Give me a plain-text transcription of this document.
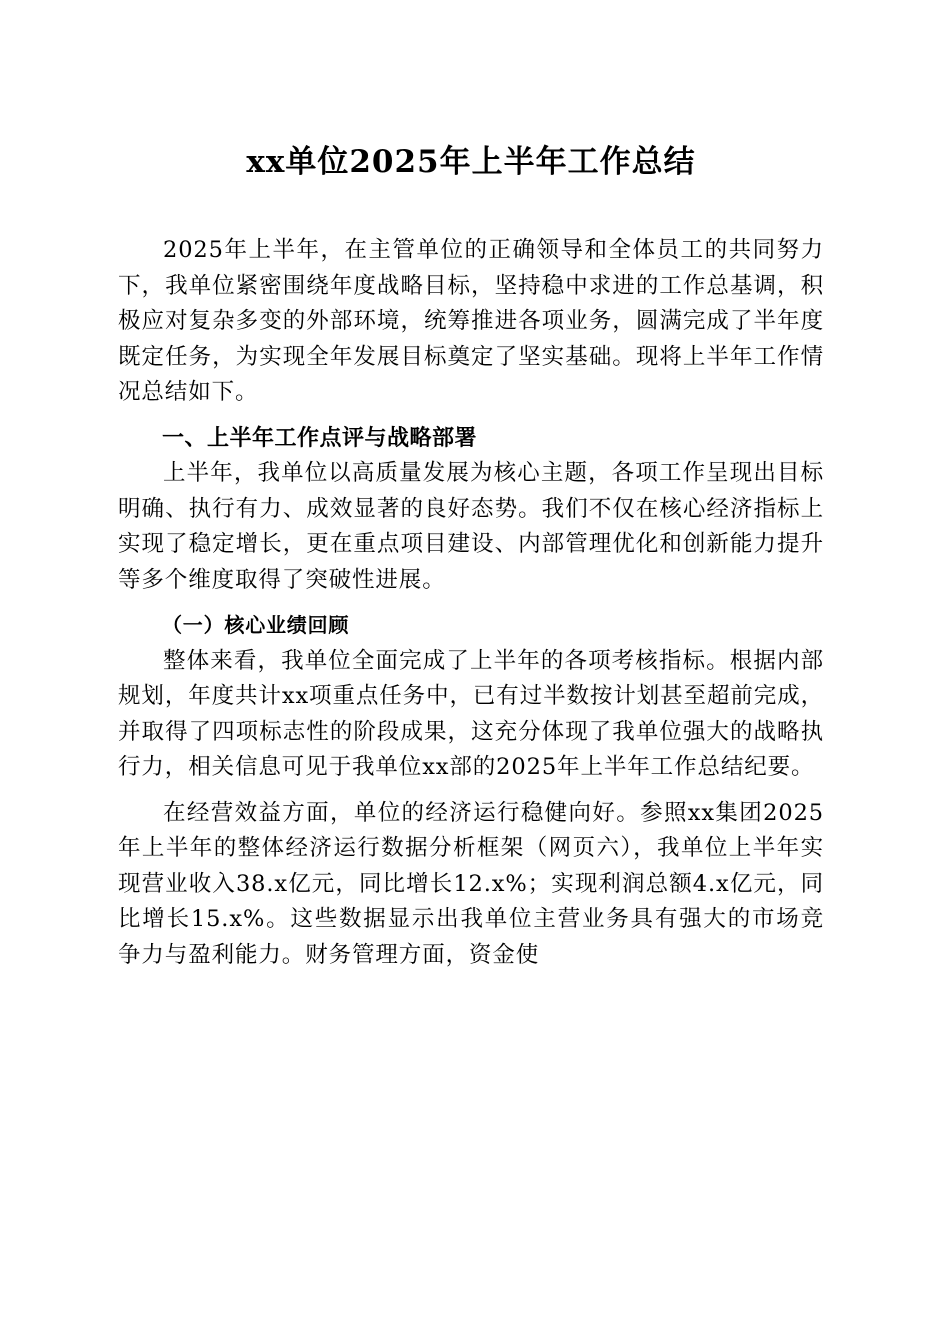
xx单位2025年上半年工作总结

2025年上半年，在主管单位的正确领导和全体员工的共同努力下，我单位紧密围绕年度战略目标，坚持稳中求进的工作总基调，积极应对复杂多变的外部环境，统筹推进各项业务，圆满完成了半年度既定任务，为实现全年发展目标奠定了坚实基础。现将上半年工作情况总结如下。

一、上半年工作点评与战略部署

上半年，我单位以高质量发展为核心主题，各项工作呈现出目标明确、执行有力、成效显著的良好态势。我们不仅在核心经济指标上实现了稳定增长，更在重点项目建设、内部管理优化和创新能力提升等多个维度取得了突破性进展。

（一）核心业绩回顾

整体来看，我单位全面完成了上半年的各项考核指标。根据内部规划，年度共计xx项重点任务中，已有过半数按计划甚至超前完成，并取得了四项标志性的阶段成果，这充分体现了我单位强大的战略执行力，相关信息可见于我单位xx部的2025年上半年工作总结纪要。

在经营效益方面，单位的经济运行稳健向好。参照xx集团2025年上半年的整体经济运行数据分析框架（网页六），我单位上半年实现营业收入38.x亿元，同比增长12.x%；实现利润总额4.x亿元，同比增长15.x%。这些数据显示出我单位主营业务具有强大的市场竞争力与盈利能力。财务管理方面，资金使
